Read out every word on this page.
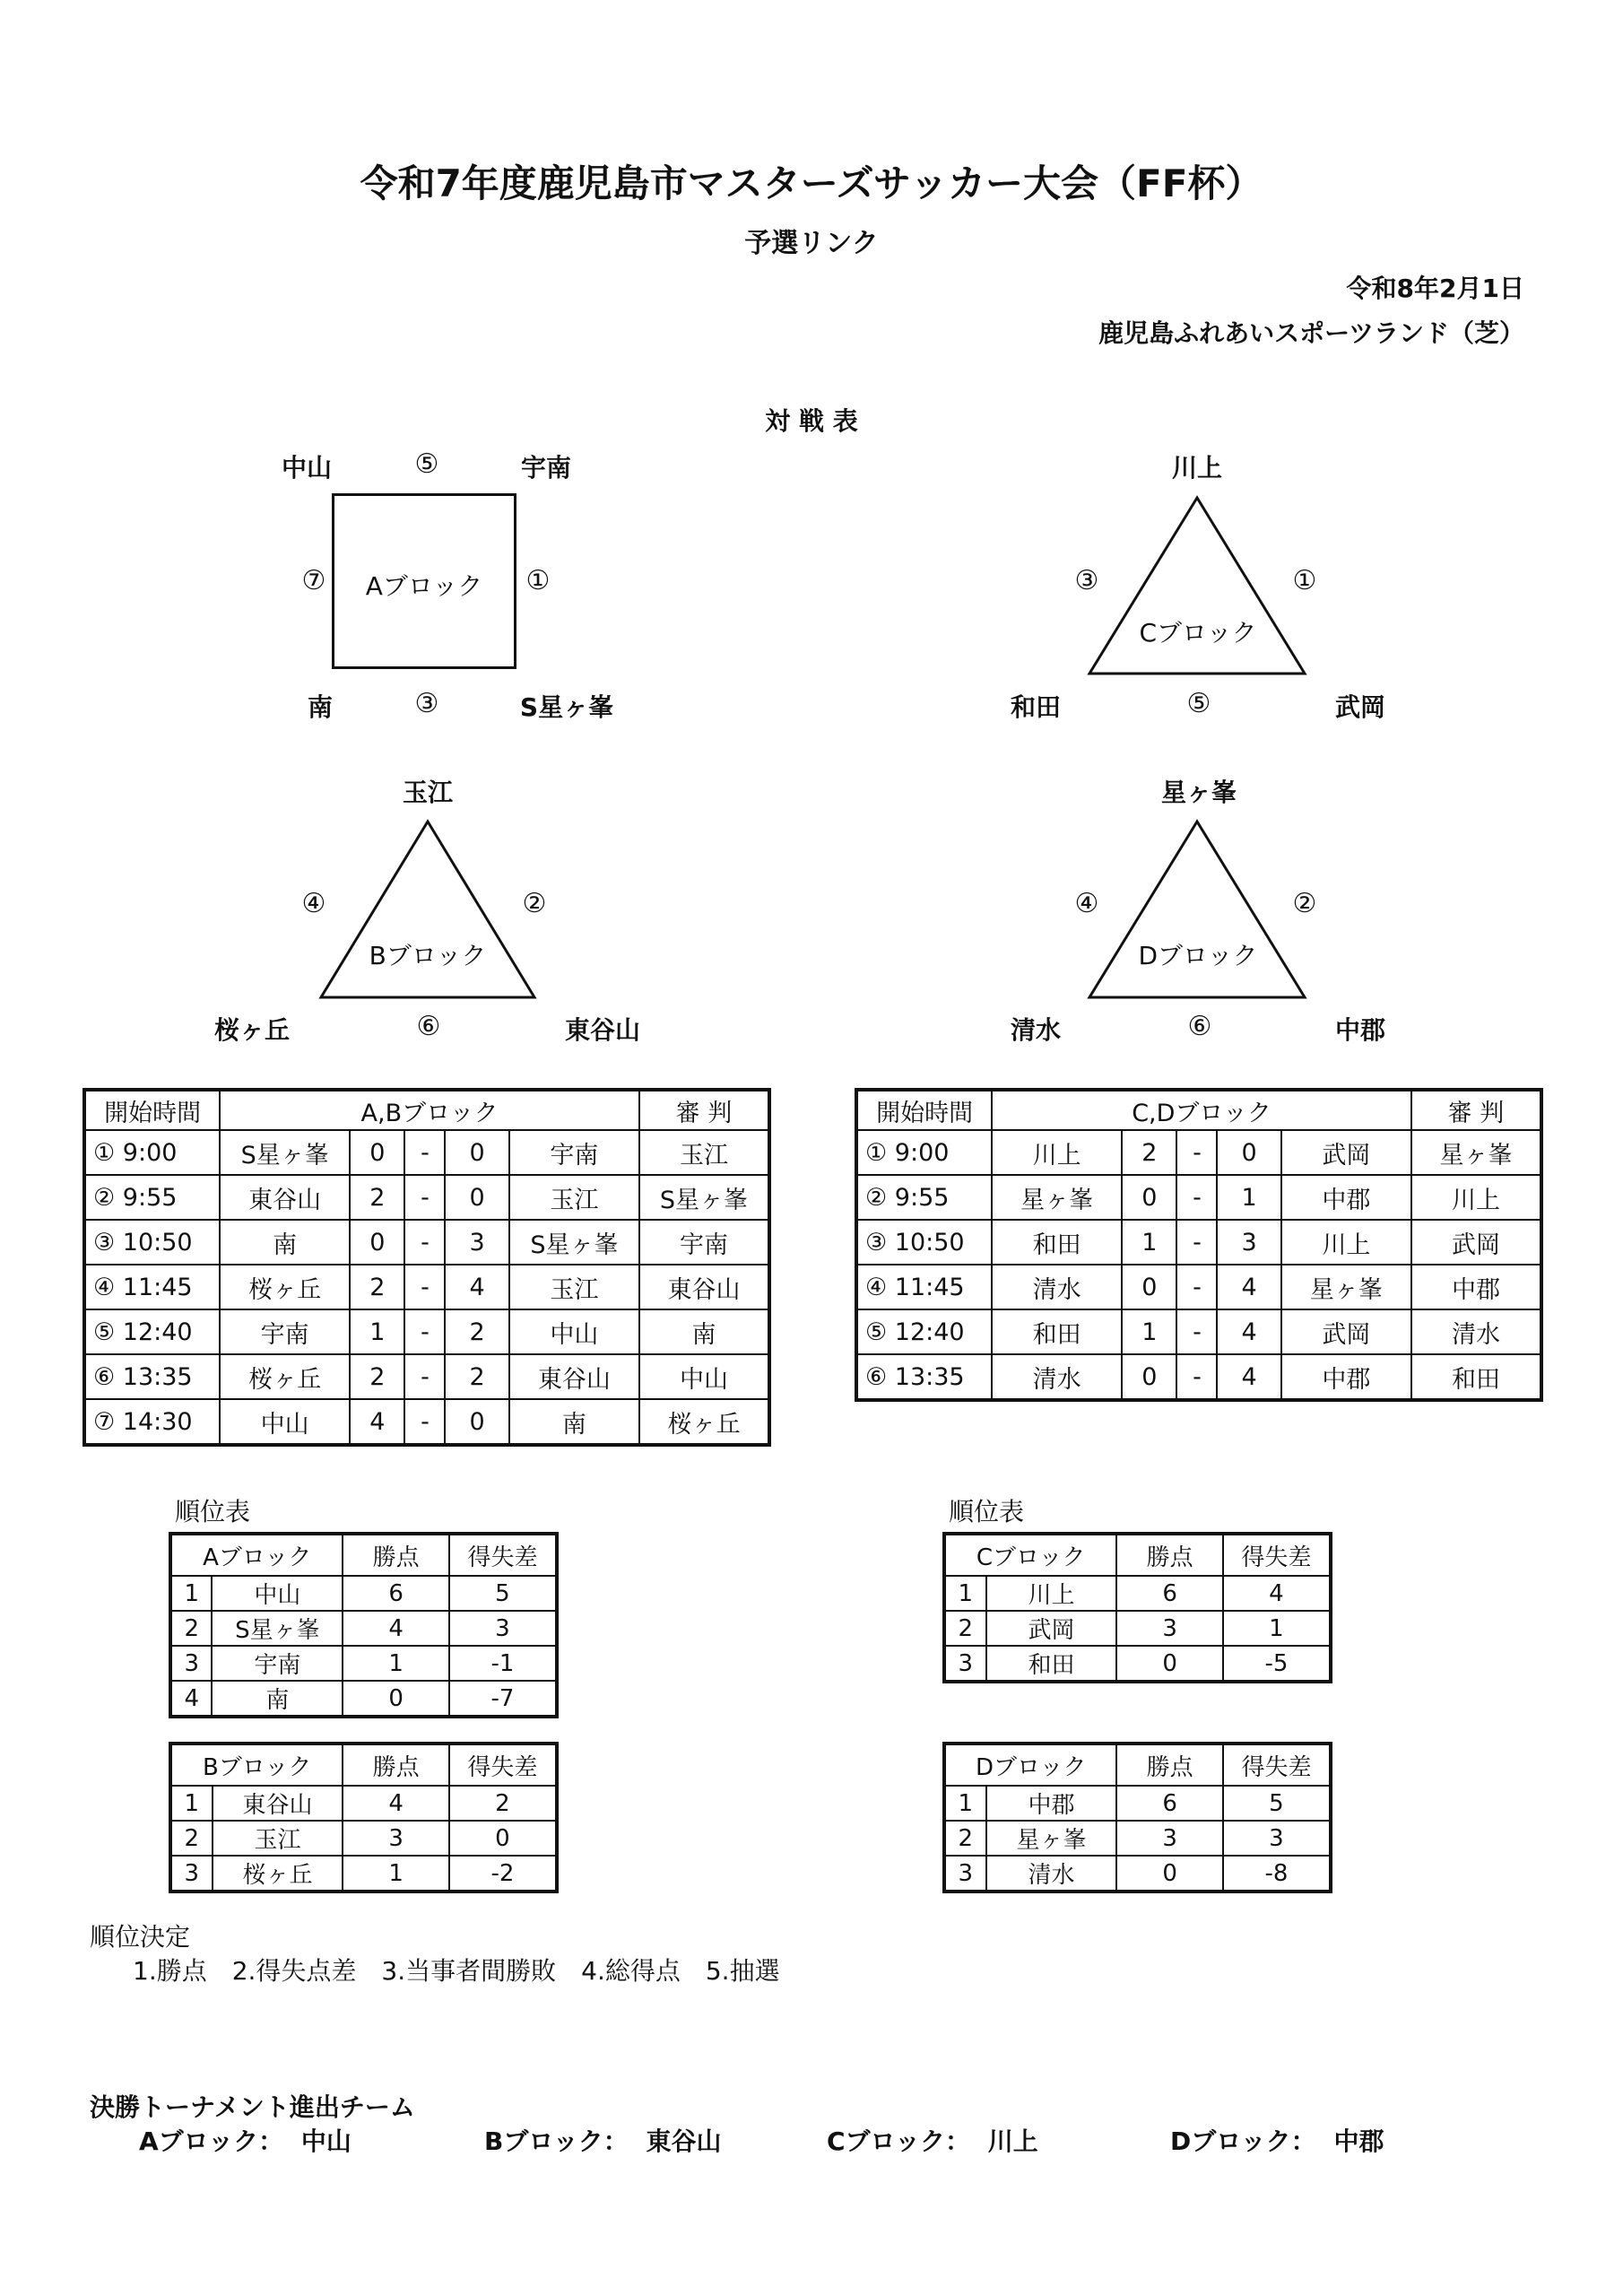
令和7年度鹿児島市マスターズサッカー大会（FF杯）
予選リンク
令和8年2月1日
鹿児島ふれあいスポーツランド（芝）
対 戦 表
中山	⑤	宇南
⑦ Aブロック ①
南	③	S星ヶ峯
川上
③	①
Cブロック
和田	⑤	武岡
玉江
④	②
Bブロック
桜ヶ丘	⑥	東谷山
星ヶ峯
④	②
Dブロック
清水	⑥	中郡
開始時間	A,Bブロック					審 判
① 9:00	S星ヶ峯	0	-	0	宇南	玉江
② 9:55	東谷山	2	-	0	玉江	S星ヶ峯
③ 10:50	南	0	-	3	S星ヶ峯	宇南
④ 11:45	桜ヶ丘	2	-	4	玉江	東谷山
⑤ 12:40	宇南	1	-	2	中山	南
⑥ 13:35	桜ヶ丘	2	-	2	東谷山	中山
⑦ 14:30	中山	4	-	0	南	桜ヶ丘
開始時間	C,Dブロック					審 判
① 9:00	川上	2	-	0	武岡	星ヶ峯
② 9:55	星ヶ峯	0	-	1	中郡	川上
③ 10:50	和田	1	-	3	川上	武岡
④ 11:45	清水	0	-	4	星ヶ峯	中郡
⑤ 12:40	和田	1	-	4	武岡	清水
⑥ 13:35	清水	0	-	4	中郡	和田
順位表	順位表
Aブロック		勝点	得失差
1	中山	6	5
2	S星ヶ峯	4	3
3	宇南	1	-1
4	南	0	-7
Bブロック		勝点	得失差
1	東谷山	4	2
2	玉江	3	0
3	桜ヶ丘	1	-2
Cブロック		勝点	得失差
1	川上	6	4
2	武岡	3	1
3	和田	0	-5
Dブロック		勝点	得失差
1	中郡	6	5
2	星ヶ峯	3	3
3	清水	0	-8
順位決定
1.勝点　2.得失点差　3.当事者間勝敗　4.総得点　5.抽選
決勝トーナメント進出チーム
Aブロック： 中山	Bブロック： 東谷山	Cブロック： 川上	Dブロック： 中郡
